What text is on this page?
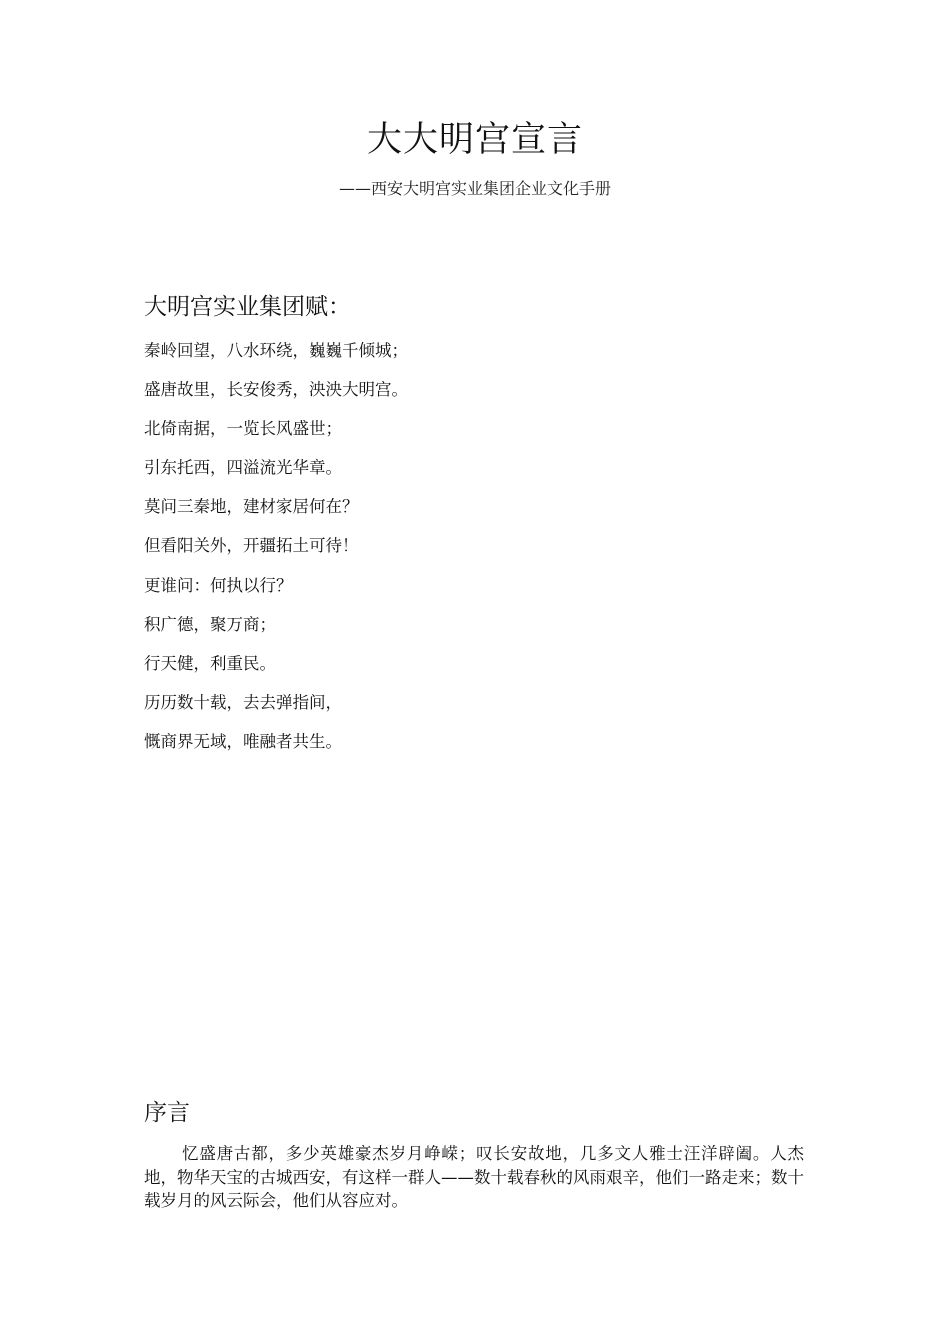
大大明宫宣言
——西安大明宫实业集团企业文化手册
大明宫实业集团赋：
秦岭回望，八水环绕，巍巍千倾城；
盛唐故里，长安俊秀，泱泱大明宫。
北倚南据，一览长风盛世；
引东托西，四溢流光华章。
莫问三秦地，建材家居何在？
但看阳关外，开疆拓土可待！
更谁问：何执以行？
积广德，聚万商；
行天健，利重民。
历历数十载，去去弹指间，
慨商界无域，唯融者共生。
序言

忆盛唐古都，多少英雄豪杰岁月峥嵘；叹长安故地，几多文人雅士汪洋辟阖。人杰地，物华天宝的古城西安，有这样一群人——数十载春秋的风雨艰辛，他们一路走来；数十载岁月的风云际会，他们从容应对。
